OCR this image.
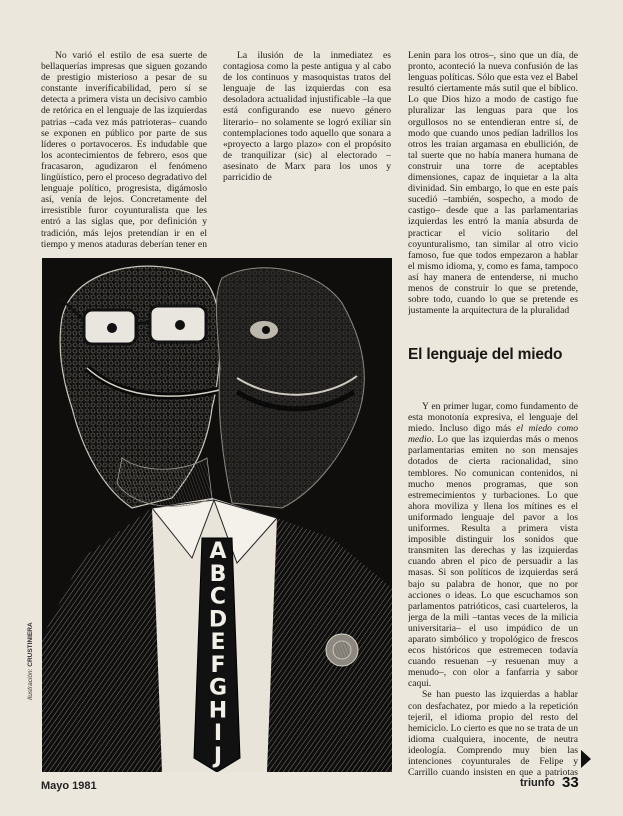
No varió el estilo de esa suerte de bellaquerías impresas que siguen gozando de prestigio misterioso a pesar de su constante inverificabilidad, pero sí se detecta a primera vista un decisivo cambio de retórica en el lenguaje de las izquierdas patrias –cada vez más patrioteras– cuando se exponen en público por parte de sus líderes o portavoceros. Es indudable que los acontecimientos de febrero, esos que fracasaron, agudizaron el fenómeno lingüístico, pero el proceso degradativo del lenguaje político, progresista, digámoslo así, venía de lejos. Concretamente del irresistible furor coyunturalista que les entró a las siglas que, por definición y tradición, más lejos pretendían ir en el tiempo y menos ataduras deberían tener en

La ilusión de la inmediatez es contagiosa como la peste antigua y al cabo de los continuos y masoquistas tratos del lenguaje de las izquierdas con esa desoladora actualidad injustificable –la que está configurando ese nuevo género literario– no solamente se logró exiliar sin contemplaciones todo aquello que sonara a «proyecto a largo plazo» con el propósito de tranquilizar (sic) al electorado –asesinato de Marx para los unos y parricidio de

Lenin para los otros–, sino que un día, de pronto, aconteció la nueva confusión de las lenguas políticas. Sólo que esta vez el Babel resultó ciertamente más sutil que el bíblico. Lo que Dios hizo a modo de castigo fue pluralizar las lenguas para que los orgullosos no se entendieran entre sí, de modo que cuando unos pedían ladrillos los otros les traían argamasa en ebullición, de tal suerte que no había manera humana de construir una torre de aceptables dimensiones, capaz de inquietar a la alta divinidad. Sin embargo, lo que en este país sucedió –también, sospecho, a modo de castigo– desde que a las parlamentarias izquierdas les entró la manía absurda de practicar el vicio solitario del coyunturalismo, tan similar al otro vicio famoso, fue que todos empezaron a hablar el mismo idioma, y, como es fama, tampoco así hay manera de entenderse, ni mucho menos de construir lo que se pretende, sobre todo, cuando lo que se pretende es justamente la arquitectura de la pluralidad

El lenguaje del miedo

Y en primer lugar, como fundamento de esta monotonía expresiva, el lenguaje del miedo. Incluso digo más el miedo como medio. Lo que las izquierdas más o menos parlamentarias emiten no son mensajes dotados de cierta racionalidad, sino temblores. No comunican contenidos, ni mucho menos programas, que son estremecimientos y turbaciones. Lo que ahora moviliza y llena los mítines es el uniformado lenguaje del pavor a los uniformes. Resulta a primera vista imposible distinguir los sonidos que transmiten las derechas y las izquierdas cuando abren el pico de persuadir a las masas. Si son políticos de izquierdas será bajo su palabra de honor, que no por acciones o ideas. Lo que escuchamos son parlamentos patrióticos, casi cuarteleros, la jerga de la mili –tantas veces de la milicia universitaria– el uso impúdico de un aparato simbólico y tropológico de frescos ecos históricos que estremecen todavía cuando resuenan –y resuenan muy a menudo–, con olor a fanfarria y sabor caqui.

Se han puesto las izquierdas a hablar con desfachatez, por miedo a la repetición tejeril, el idioma propio del resto del hemiciclo. Lo cierto es que no se trata de un idioma cualquiera, inocente, de neutra ideología. Comprendo muy bien las intenciones coyunturales de Felipe y Carrillo cuando insisten en que a patriotas

A
B
C
D
E
F
G
H
I
J
Ilustración: CRUSTINIERA
Mayo 1981	triunfo 33
